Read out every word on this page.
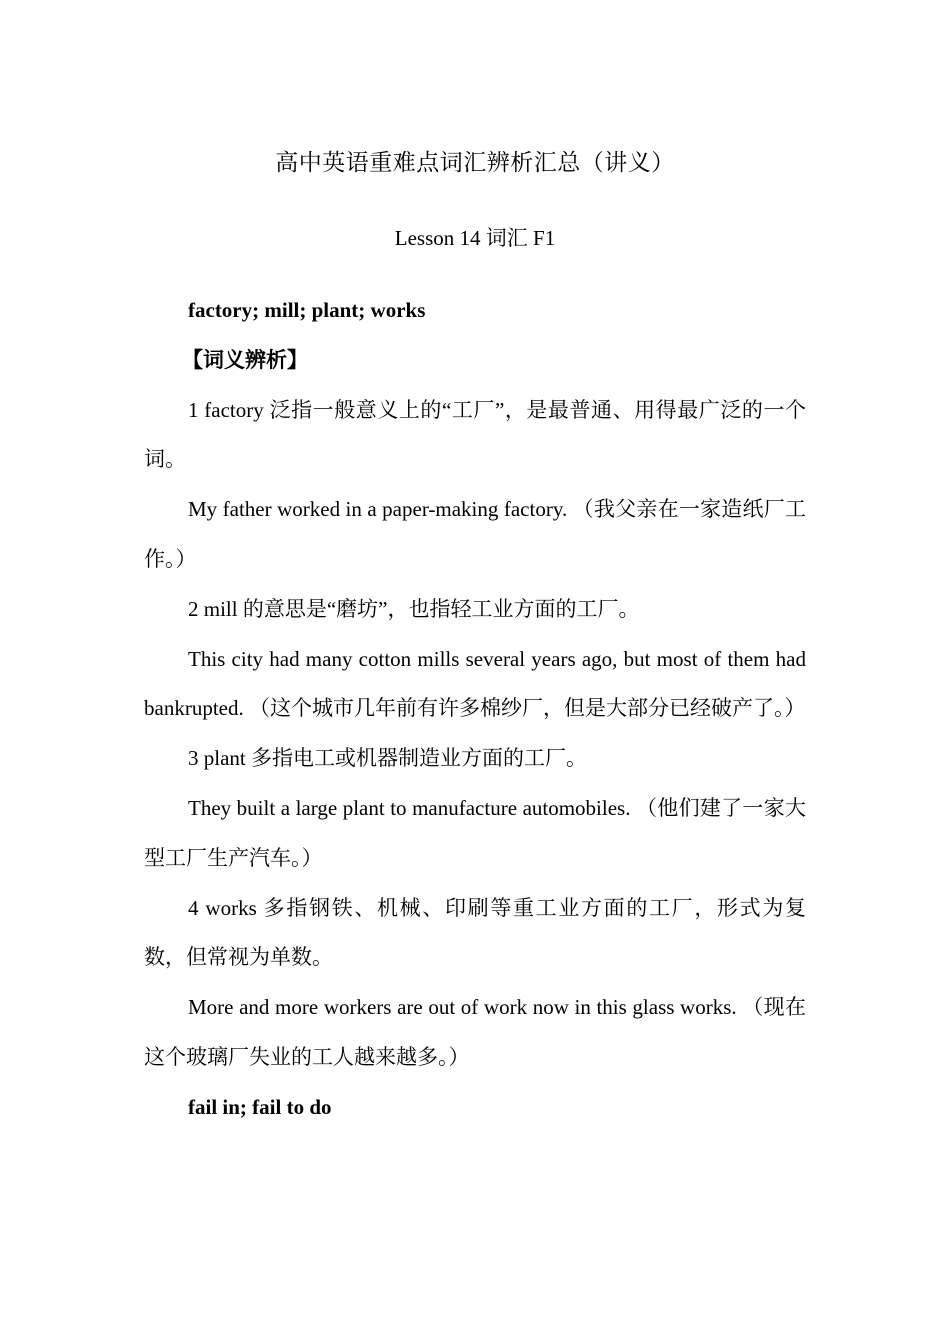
高中英语重难点词汇辨析汇总（讲义）
Lesson 14 词汇 F1

factory; mill; plant; works

【词义辨析】

1 factory 泛指一般意义上的“工厂”，是最普通、用得最广泛的一个词。

My father worked in a paper-making factory. （我父亲在一家造纸厂工作。）

2 mill 的意思是“磨坊”，也指轻工业方面的工厂。

This city had many cotton mills several years ago, but most of them had bankrupted. （这个城市几年前有许多棉纱厂，但是大部分已经破产了。）

3 plant 多指电工或机器制造业方面的工厂。

They built a large plant to manufacture automobiles. （他们建了一家大型工厂生产汽车。）

4 works 多指钢铁、机械、印刷等重工业方面的工厂，形式为复数，但常视为单数。

More and more workers are out of work now in this glass works. （现在这个玻璃厂失业的工人越来越多。）

fail in; fail to do
